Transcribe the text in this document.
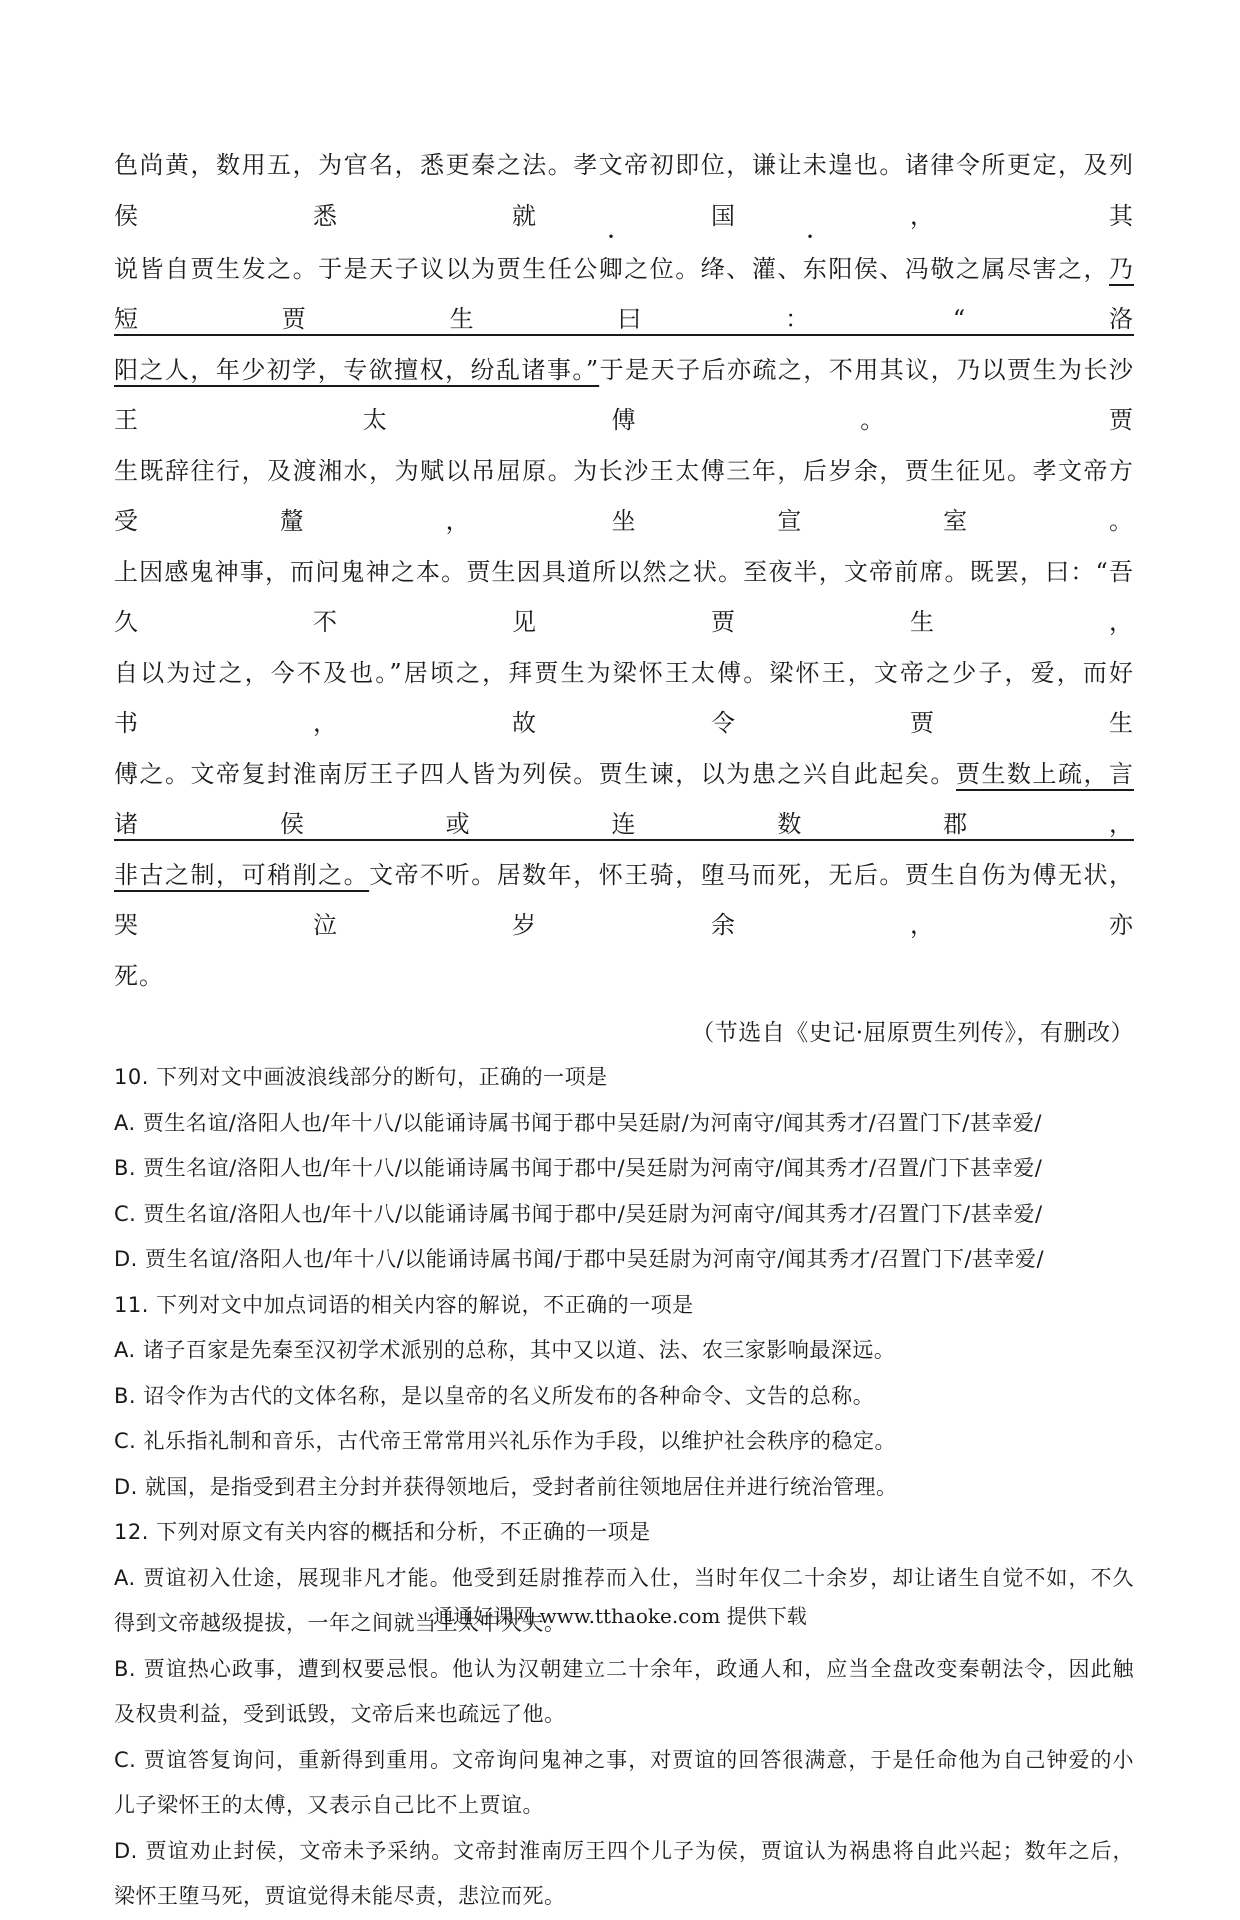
色尚黄，数用五，为官名，悉更秦之法。孝文帝初即位，谦让未遑也。诸律令所更定，及列侯悉就国，其

说皆自贾生发之。于是天子议以为贾生任公卿之位。绛、灌、东阳侯、冯敬之属尽害之，乃短贾生曰：“洛

阳之人，年少初学，专欲擅权，纷乱诸事。”于是天子后亦疏之，不用其议，乃以贾生为长沙王太傅。贾

生既辞往行，及渡湘水，为赋以吊屈原。为长沙王太傅三年，后岁余，贾生征见。孝文帝方受釐，坐宣室。

上因感鬼神事，而问鬼神之本。贾生因具道所以然之状。至夜半，文帝前席。既罢，曰：“吾久不见贾生，

自以为过之，今不及也。”居顷之，拜贾生为梁怀王太傅。梁怀王，文帝之少子，爱，而好书，故令贾生

傅之。文帝复封淮南厉王子四人皆为列侯。贾生谏，以为患之兴自此起矣。贾生数上疏，言诸侯或连数郡，

非古之制，可稍削之。文帝不听。居数年，怀王骑，堕马而死，无后。贾生自伤为傅无状，哭泣岁余，亦

死。

（节选自《史记·屈原贾生列传》，有删改）

10. 下列对文中画波浪线部分的断句，正确的一项是

A. 贾生名谊/洛阳人也/年十八/以能诵诗属书闻于郡中吴廷尉/为河南守/闻其秀才/召置门下/甚幸爱/

B. 贾生名谊/洛阳人也/年十八/以能诵诗属书闻于郡中/吴廷尉为河南守/闻其秀才/召置/门下甚幸爱/

C. 贾生名谊/洛阳人也/年十八/以能诵诗属书闻于郡中/吴廷尉为河南守/闻其秀才/召置门下/甚幸爱/

D. 贾生名谊/洛阳人也/年十八/以能诵诗属书闻/于郡中吴廷尉为河南守/闻其秀才/召置门下/甚幸爱/

11. 下列对文中加点词语的相关内容的解说，不正确的一项是

A. 诸子百家是先秦至汉初学术派别的总称，其中又以道、法、农三家影响最深远。

B. 诏令作为古代的文体名称，是以皇帝的名义所发布的各种命令、文告的总称。

C. 礼乐指礼制和音乐，古代帝王常常用兴礼乐作为手段，以维护社会秩序的稳定。

D. 就国，是指受到君主分封并获得领地后，受封者前往领地居住并进行统治管理。

12. 下列对原文有关内容的概括和分析，不正确的一项是

A. 贾谊初入仕途，展现非凡才能。他受到廷尉推荐而入仕，当时年仅二十余岁，却让诸生自觉不如，不久

得到文帝越级提拔，一年之间就当上太中大夫。

B. 贾谊热心政事，遭到权要忌恨。他认为汉朝建立二十余年，政通人和，应当全盘改变秦朝法令，因此触

及权贵利益，受到诋毁，文帝后来也疏远了他。

C. 贾谊答复询问，重新得到重用。文帝询问鬼神之事，对贾谊的回答很满意，于是任命他为自己钟爱的小

儿子梁怀王的太傅，又表示自己比不上贾谊。

D. 贾谊劝止封侯，文帝未予采纳。文帝封淮南厉王四个儿子为侯，贾谊认为祸患将自此兴起；数年之后，

梁怀王堕马死，贾谊觉得未能尽责，悲泣而死。

通通好课网 www.tthaoke.com 提供下载
